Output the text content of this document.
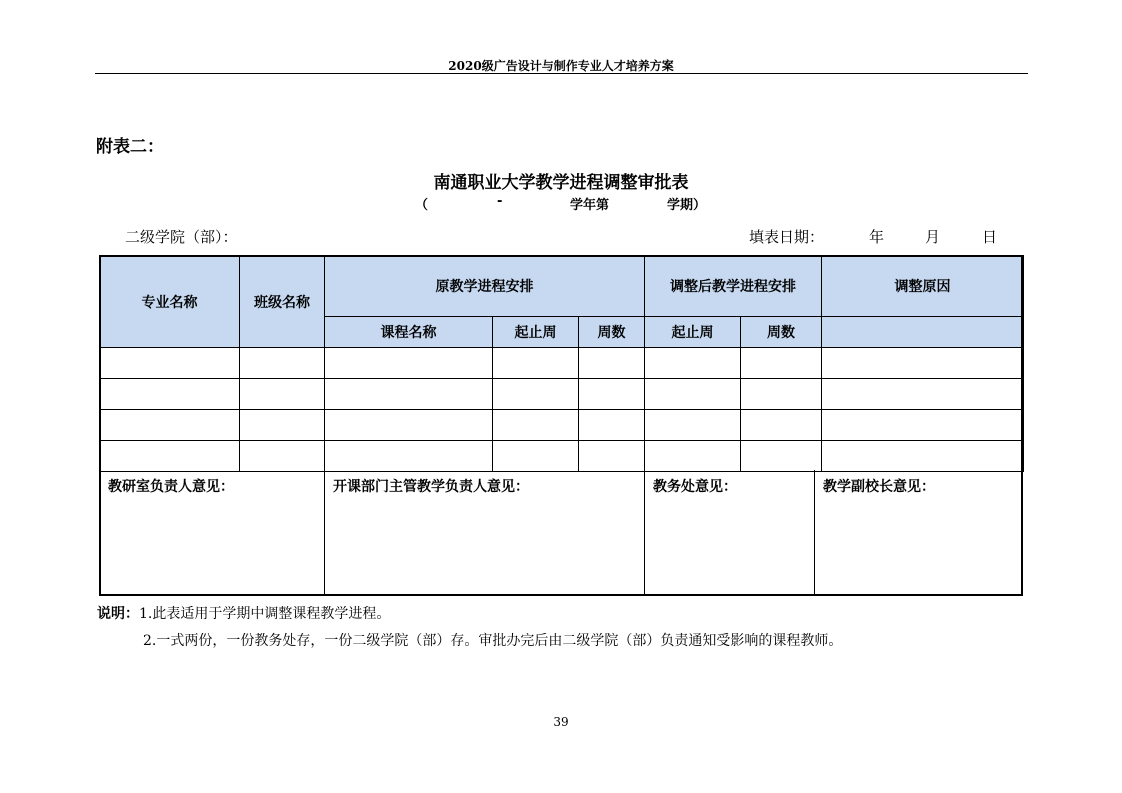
2020级广告设计与制作专业人才培养方案
附表二：
南通职业大学教学进程调整审批表
（	-	学年第	学期）
二级学院（部）：	填表日期：	年	月	日
专业名称	班级名称	原教学进程安排			调整后教学进程安排		调整原因
		课程名称	起止周	周数	起止周	周数	

教研室负责人意见：	开课部门主管教学负责人意见：	教务处意见：	教学副校长意见：
说明：1.此表适用于学期中调整课程教学进程。
2.一式两份，一份教务处存，一份二级学院（部）存。审批办完后由二级学院（部）负责通知受影响的课程教师。
39
